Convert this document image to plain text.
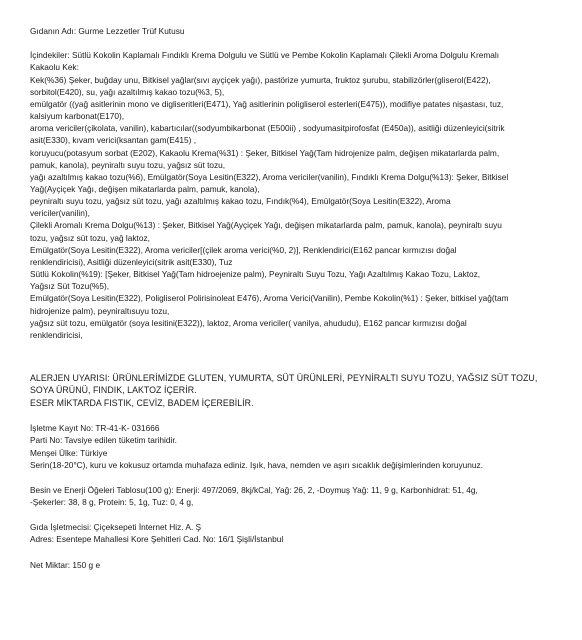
Gıdanın Adı: Gurme Lezzetler Trüf Kutusu
İçindekiler: Sütlü Kokolin Kaplamalı Fındıklı Krema Dolgulu ve Sütlü ve Pembe Kokolin Kaplamalı Çilekli Aroma Dolgulu Kremalı
Kakaolu Kek:
Kek(%36) Şeker, buğday unu, Bitkisel yağlar(sıvı ayçiçek yağı), pastörize yumurta, fruktoz şurubu, stabilizörler(gliserol(E422),
sorbitol(E420), su, yağı azaltılmış kakao tozu(%3, 5),
emülgatör ((yağ asitlerinin mono ve digliseritleri(E471), Yağ asitlerinin poligliserol esterleri(E475)), modifiye patates nişastası, tuz,
kalsiyum karbonat(E170),
aroma vericiler(çikolata, vanilin), kabartıcılar((sodyumbikarbonat (E500ii) , sodyumasitpirofosfat (E450a)), asitliği düzenleyici(sitrik
asit(E330), kıvam verici(ksantan gam(E415) ,
koruyucu(potasyum sorbat (E202), Kakaolu Krema(%31) : Şeker, Bitkisel Yağ(Tam hidrojenize palm, değişen mikatarlarda palm,
pamuk, kanola), peyniraltı suyu tozu, yağsız süt tozu,
yağı azaltılmış kakao tozu(%6), Emülgatör(Soya Lesitin(E322), Aroma vericiler(vanilin), Fındıklı Krema Dolgu(%13): Şeker, Bitkisel
Yağ(Ayçiçek Yağı, değişen mikatarlarda palm, pamuk, kanola),
peyniraltı suyu tozu, yağsız süt tozu, yağı azaltılmış kakao tozu, Fındık(%4), Emülgatör(Soya Lesitin(E322), Aroma
vericiler(vanilin),
Çilekli Aromalı Krema Dolgu(%13) : Şeker, Bitkisel Yağ(Ayçiçek Yağı, değişen mikatarlarda palm, pamuk, kanola), peyniraltı suyu
tozu, yağsız süt tozu, yağ laktoz,
Emülgatör(Soya Lesitin(E322), Aroma vericiler[(çilek aroma verici(%0, 2)], Renklendirici(E162 pancar kırmızısı doğal
renklendiricisi), Asitliği düzenleyici(sitrik asit(E330), Tuz
Sütlü Kokolin(%19): [Şeker, Bitkisel Yağ(Tam hidroejenize palm), Peyniraltı Suyu Tozu, Yağı Azaltılmış Kakao Tozu, Laktoz,
Yağsız Süt Tozu(%5),
Emülgatör(Soya Lesitin(E322), Poligliserol Polirisinoleat E476), Aroma Verici(Vanilin), Pembe Kokolin(%1) : Şeker, bitkisel yağ(tam
hidrojenize palm), peyniraltısuyu tozu,
yağsız süt tozu, emülgatör (soya lesitini(E322)), laktoz, Aroma vericiler( vanilya, ahududu), E162 pancar kırmızısı doğal
renklendiricisi,
ALERJEN UYARISI: ÜRÜNLERİMİZDE GLUTEN, YUMURTA, SÜT ÜRÜNLERİ, PEYNİRALTI SUYU TOZU, YAĞSIZ SÜT TOZU,
SOYA ÜRÜNÜ, FINDIK, LAKTOZ İÇERİR.
ESER MİKTARDA FISTIK, CEVİZ, BADEM İÇEREBİLİR.
İşletme Kayıt No: TR-41-K- 031666
Parti No: Tavsiye edilen tüketim tarihidir.
Menşei Ülke: Türkiye
Serin(18-20°C), kuru ve kokusuz ortamda muhafaza ediniz. Işık, hava, nemden ve aşırı sıcaklık değişimlerinden koruyunuz.
Besin ve Enerji Öğeleri Tablosu(100 g): Enerji: 497/2069, 8kj/kCal, Yağ: 26, 2, -Doymuş Yağ: 11, 9 g, Karbonhidrat: 51, 4g,
-Şekerler: 38, 8 g, Protein: 5, 1g, Tuz: 0, 4 g,
Gıda İşletmecisi: Çiçeksepeti İnternet Hiz. A. Ş
Adres: Esentepe Mahallesi Kore Şehitleri Cad. No: 16/1 Şişli/İstanbul
Net Miktar: 150 g e
